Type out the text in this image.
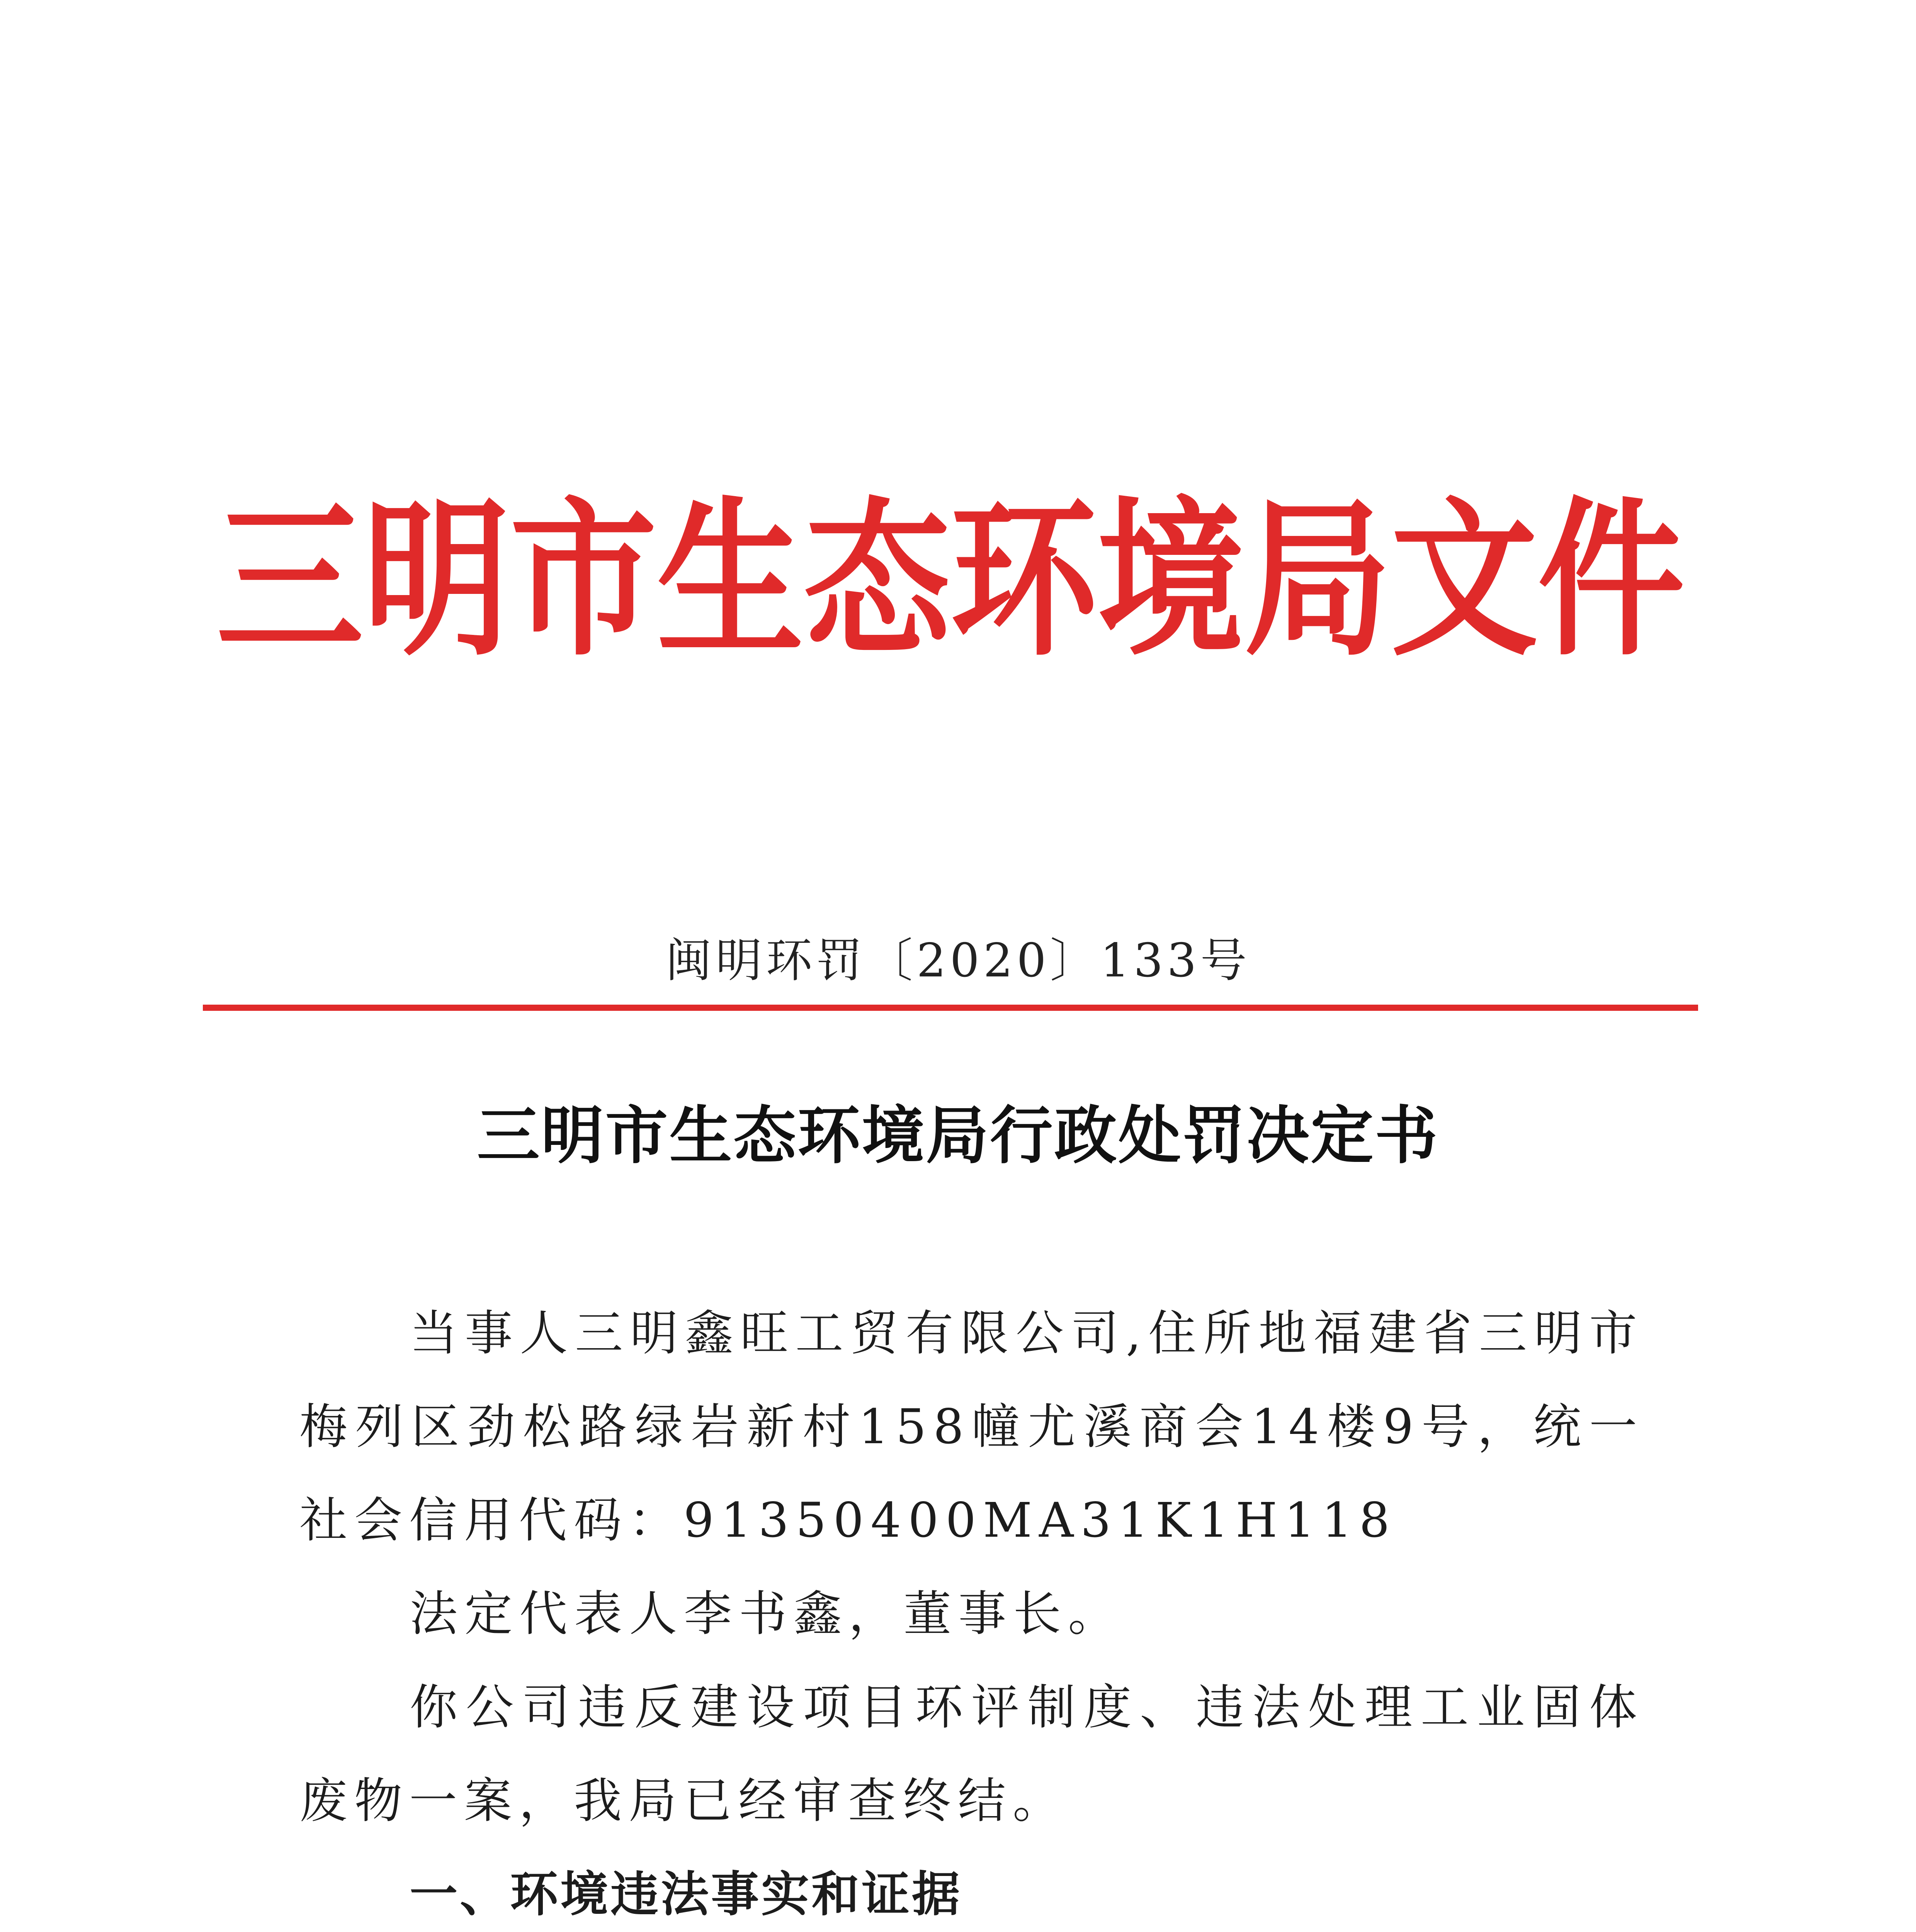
三 明 市 生 态 环 境 局 文 件
闽明环罚〔2020〕133号
三明市生态环境局行政处罚决定书

当事人三明鑫旺工贸有限公司,住所地福建省三明市梅列区劲松路绿岩新村158幢尤溪商会14楼9号，统一社会信用代码：91350400MA31K1H118

法定代表人李书鑫，董事长。

你公司违反建设项目环评制度、违法处理工业固体废物一案，我局已经审查终结。

一、环境违法事实和证据
